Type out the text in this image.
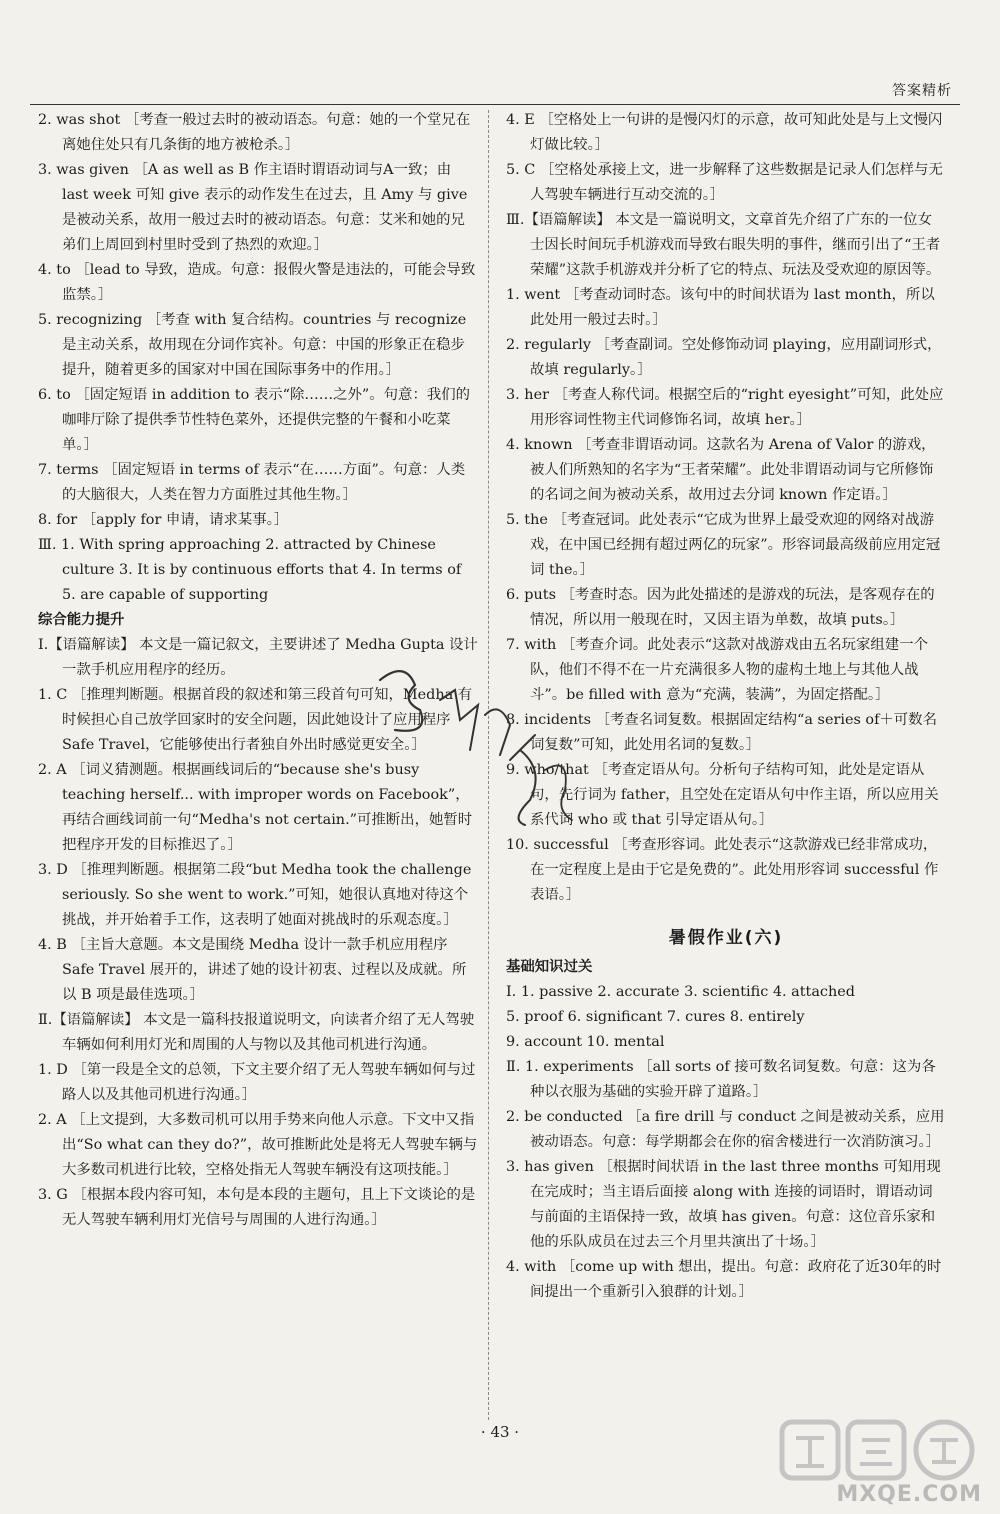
答案精析
2. was shot ［考查一般过去时的被动语态。句意：她的一个堂兄在离她住处只有几条街的地方被枪杀。］
3. was given ［A as well as B 作主语时谓语动词与A一致；由 last week 可知 give 表示的动作发生在过去，且 Amy 与 give 是被动关系，故用一般过去时的被动语态。句意：艾米和她的兄弟们上周回到村里时受到了热烈的欢迎。］
4. to ［lead to 导致，造成。句意：报假火警是违法的，可能会导致监禁。］
5. recognizing ［考查 with 复合结构。countries 与 recognize 是主动关系，故用现在分词作宾补。句意：中国的形象正在稳步提升，随着更多的国家对中国在国际事务中的作用。］
6. to ［固定短语 in addition to 表示“除……之外”。句意：我们的咖啡厅除了提供季节性特色菜外，还提供完整的午餐和小吃菜单。］
7. terms ［固定短语 in terms of 表示“在……方面”。句意：人类的大脑很大，人类在智力方面胜过其他生物。］
8. for ［apply for 申请，请求某事。］
Ⅲ. 1. With spring approaching 2. attracted by Chinese culture 3. It is by continuous efforts that 4. In terms of 5. are capable of supporting
综合能力提升
Ⅰ.【语篇解读】 本文是一篇记叙文，主要讲述了 Medha Gupta 设计一款手机应用程序的经历。
1. C ［推理判断题。根据首段的叙述和第三段首句可知，Medha 有时候担心自己放学回家时的安全问题，因此她设计了应用程序 Safe Travel，它能够使出行者独自外出时感觉更安全。］
2. A ［词义猜测题。根据画线词后的“because she's busy teaching herself... with improper words on Facebook”，再结合画线词前一句“Medha's not certain.”可推断出，她暂时把程序开发的目标推迟了。］
3. D ［推理判断题。根据第二段“but Medha took the challenge seriously. So she went to work.”可知，她很认真地对待这个挑战，并开始着手工作，这表明了她面对挑战时的乐观态度。］
4. B ［主旨大意题。本文是围绕 Medha 设计一款手机应用程序 Safe Travel 展开的，讲述了她的设计初衷、过程以及成就。所以 B 项是最佳选项。］
Ⅱ.【语篇解读】 本文是一篇科技报道说明文，向读者介绍了无人驾驶车辆如何利用灯光和周围的人与物以及其他司机进行沟通。
1. D ［第一段是全文的总领，下文主要介绍了无人驾驶车辆如何与过路人以及其他司机进行沟通。］
2. A ［上文提到，大多数司机可以用手势来向他人示意。下文中又指出“So what can they do?”，故可推断此处是将无人驾驶车辆与大多数司机进行比较，空格处指无人驾驶车辆没有这项技能。］
3. G ［根据本段内容可知，本句是本段的主题句，且上下文谈论的是无人驾驶车辆利用灯光信号与周围的人进行沟通。］
4. E ［空格处上一句讲的是慢闪灯的示意，故可知此处是与上文慢闪灯做比较。］
5. C ［空格处承接上文，进一步解释了这些数据是记录人们怎样与无人驾驶车辆进行互动交流的。］
Ⅲ.【语篇解读】 本文是一篇说明文，文章首先介绍了广东的一位女士因长时间玩手机游戏而导致右眼失明的事件，继而引出了“王者荣耀”这款手机游戏并分析了它的特点、玩法及受欢迎的原因等。
1. went ［考查动词时态。该句中的时间状语为 last month，所以此处用一般过去时。］
2. regularly ［考查副词。空处修饰动词 playing，应用副词形式，故填 regularly。］
3. her ［考查人称代词。根据空后的“right eyesight”可知，此处应用形容词性物主代词修饰名词，故填 her。］
4. known ［考查非谓语动词。这款名为 Arena of Valor 的游戏，被人们所熟知的名字为“王者荣耀”。此处非谓语动词与它所修饰的名词之间为被动关系，故用过去分词 known 作定语。］
5. the ［考查冠词。此处表示“它成为世界上最受欢迎的网络对战游戏，在中国已经拥有超过两亿的玩家”。形容词最高级前应用定冠词 the。］
6. puts ［考查时态。因为此处描述的是游戏的玩法，是客观存在的情况，所以用一般现在时，又因主语为单数，故填 puts。］
7. with ［考查介词。此处表示“这款对战游戏由五名玩家组建一个队，他们不得不在一片充满很多人物的虚构土地上与其他人战斗”。be filled with 意为“充满，装满”，为固定搭配。］
8. incidents ［考查名词复数。根据固定结构“a series of＋可数名词复数”可知，此处用名词的复数。］
9. who/that ［考查定语从句。分析句子结构可知，此处是定语从句，先行词为 father，且空处在定语从句中作主语，所以应用关系代词 who 或 that 引导定语从句。］
10. successful ［考查形容词。此处表示“这款游戏已经非常成功，在一定程度上是由于它是免费的”。此处用形容词 successful 作表语。］
暑假作业(六)
基础知识过关
Ⅰ. 1. passive 2. accurate 3. scientific 4. attached
5. proof 6. significant 7. cures 8. entirely
9. account 10. mental
Ⅱ. 1. experiments ［all sorts of 接可数名词复数。句意：这为各种以衣服为基础的实验开辟了道路。］
2. be conducted ［a fire drill 与 conduct 之间是被动关系，应用被动语态。句意：每学期都会在你的宿舍楼进行一次消防演习。］
3. has given ［根据时间状语 in the last three months 可知用现在完成时；当主语后面接 along with 连接的词语时，谓语动词与前面的主语保持一致，故填 has given。句意：这位音乐家和他的乐队成员在过去三个月里共演出了十场。］
4. with ［come up with 想出，提出。句意：政府花了近30年的时间提出一个重新引入狼群的计划。］
· 43 ·
MXQE.COM
